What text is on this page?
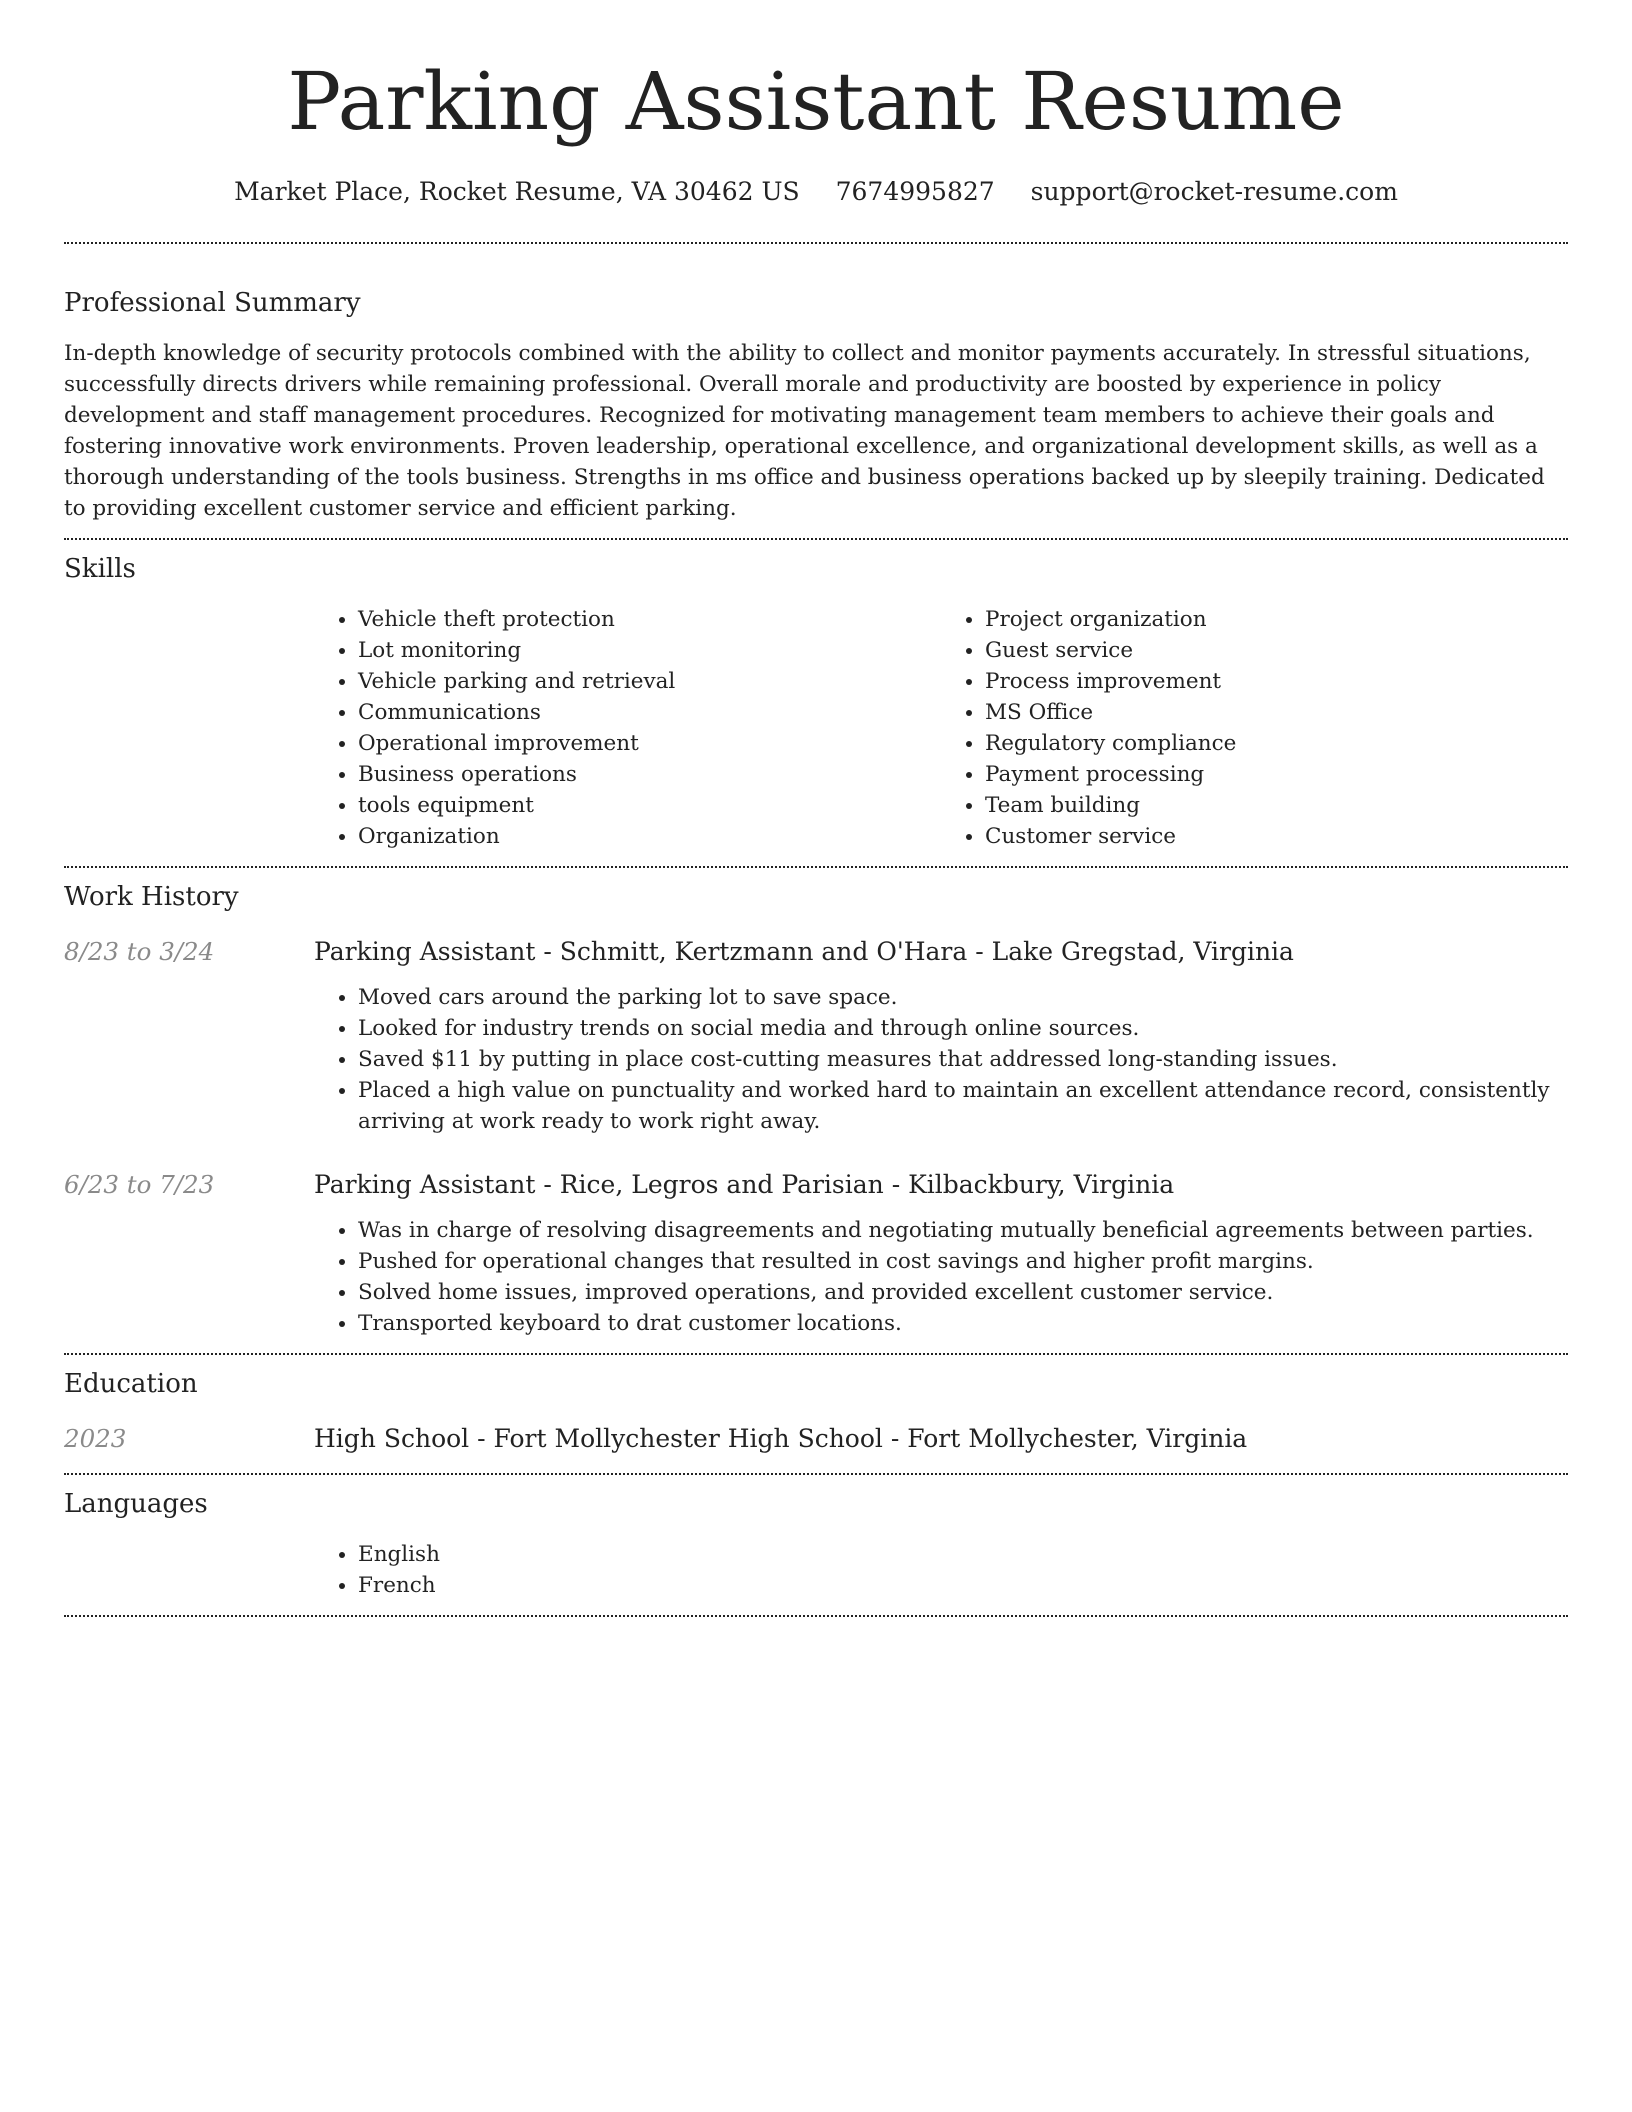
Parking Assistant Resume
Market Place, Rocket Resume, VA 30462 US 7674995827 support@rocket-resume.com
Professional Summary

In-depth knowledge of security protocols combined with the ability to collect and monitor payments accurately. In stressful situations, successfully directs drivers while remaining professional. Overall morale and productivity are boosted by experience in policy development and staff management procedures. Recognized for motivating management team members to achieve their goals and fostering innovative work environments. Proven leadership, operational excellence, and organizational development skills, as well as a thorough understanding of the tools business. Strengths in ms office and business operations backed up by sleepily training. Dedicated to providing excellent customer service and efficient parking.

Skills
• Vehicle theft protection
• Lot monitoring
• Vehicle parking and retrieval
• Communications
• Operational improvement
• Business operations
• tools equipment
• Organization
• Project organization
• Guest service
• Process improvement
• MS Office
• Regulatory compliance
• Payment processing
• Team building
• Customer service
Work History
8/23 to 3/24	Parking Assistant - Schmitt, Kertzmann and O'Hara - Lake Gregstad, Virginia
• Moved cars around the parking lot to save space.
• Looked for industry trends on social media and through online sources.
• Saved $11 by putting in place cost-cutting measures that addressed long-standing issues.
• Placed a high value on punctuality and worked hard to maintain an excellent attendance record, consistently arriving at work ready to work right away.
6/23 to 7/23	Parking Assistant - Rice, Legros and Parisian - Kilbackbury, Virginia
• Was in charge of resolving disagreements and negotiating mutually beneficial agreements between parties.
• Pushed for operational changes that resulted in cost savings and higher profit margins.
• Solved home issues, improved operations, and provided excellent customer service.
• Transported keyboard to drat customer locations.
Education
2023	High School - Fort Mollychester High School - Fort Mollychester, Virginia
Languages
• English
• French
